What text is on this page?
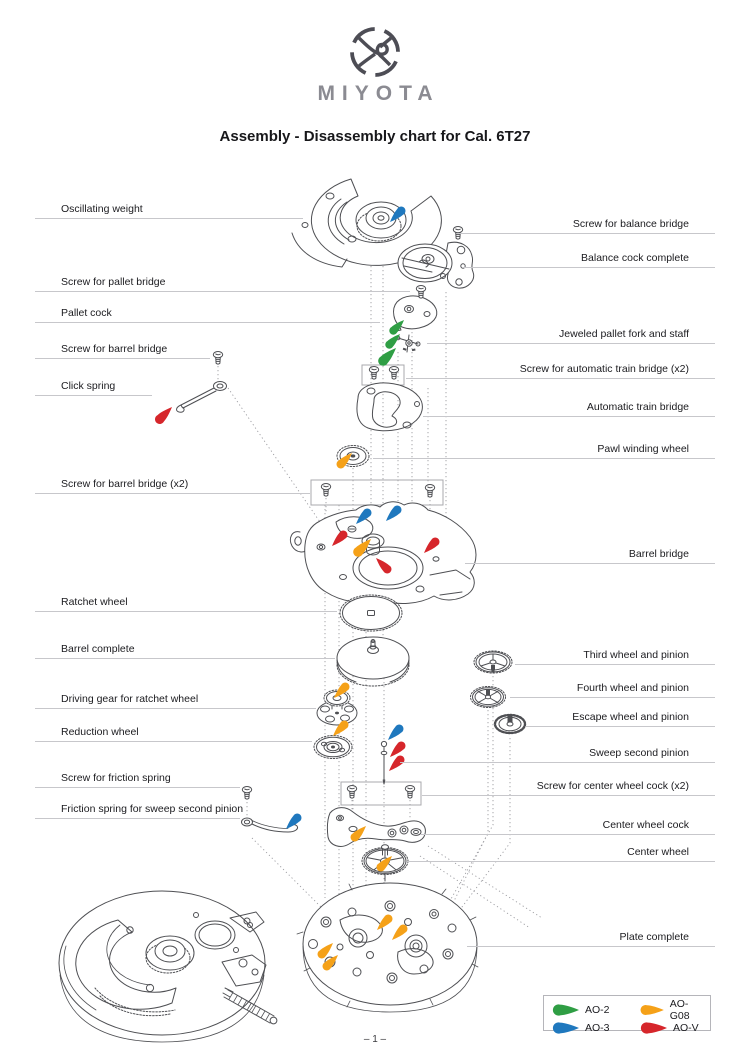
MIYOTA
Assembly - Disassembly chart for Cal. 6T27
Oscillating weight
Screw for pallet bridge
Pallet cock
Screw for barrel bridge
Click spring
Screw for barrel bridge (x2)
Ratchet wheel
Barrel complete
Driving gear for ratchet wheel
Reduction wheel
Screw for friction spring
Friction spring for sweep second pinion
Screw for balance bridge
Balance cock complete
Jeweled pallet fork and staff
Screw for automatic train bridge (x2)
Automatic train bridge
Pawl winding wheel
Barrel bridge
Third wheel and pinion
Fourth wheel and pinion
Escape wheel and pinion
Sweep second pinion
Screw for center wheel cock (x2)
Center wheel cock
Center wheel
Plate complete
AO-2	AO-G08
AO-3	AO-V
– 1 –
